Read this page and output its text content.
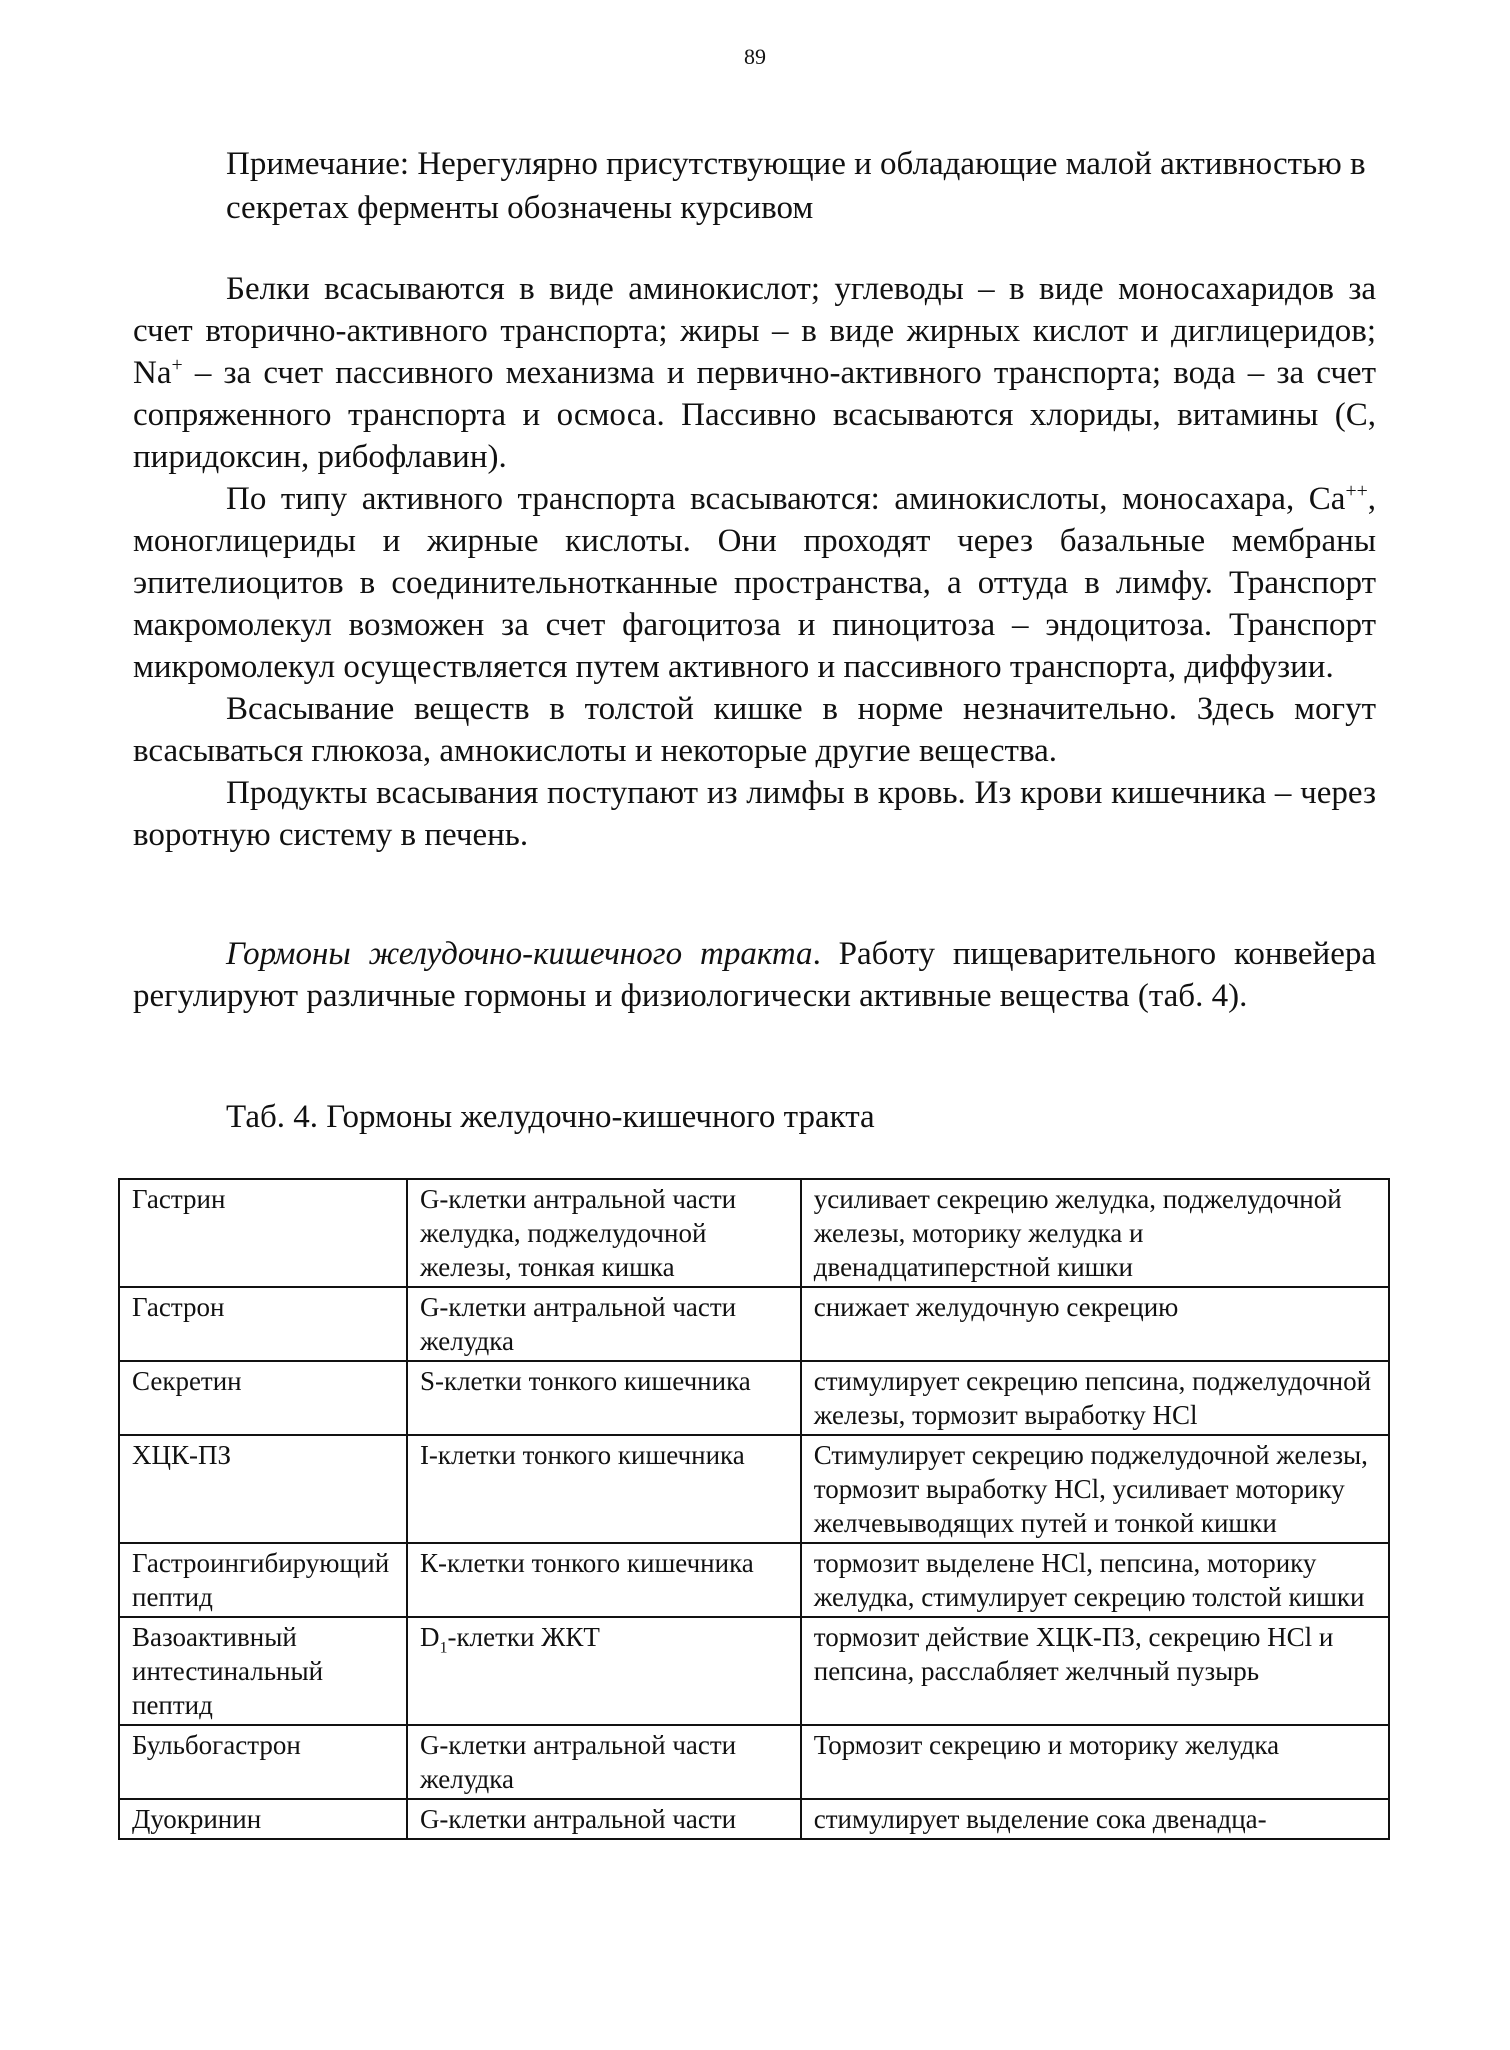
89

Примечание: Нерегулярно присутствующие и обладающие малой активностью в секретах ферменты обозначены курсивом

Белки всасываются в виде аминокислот; углеводы – в виде моносахаридов за счет вторично-активного транспорта; жиры – в виде жирных кислот и диглицеридов; Na+ – за счет пассивного механизма и первично-активного транспорта; вода – за счет сопряженного транспорта и осмоса. Пассивно всасываются хлориды, витамины (С, пиридоксин, рибофлавин).

По типу активного транспорта всасываются: аминокислоты, моносахара, Са++, моноглицериды и жирные кислоты. Они проходят через базальные мембраны эпителиоцитов в соединительнотканные пространства, а оттуда в лимфу. Транспорт макромолекул возможен за счет фагоцитоза и пиноцитоза – эндоцитоза. Транспорт микромолекул осуществляется путем активного и пассивного транспорта, диффузии.

Всасывание веществ в толстой кишке в норме незначительно. Здесь могут всасываться глюкоза, амнокислоты и некоторые другие вещества.

Продукты всасывания поступают из лимфы в кровь. Из крови кишечника – через воротную систему в печень.

Гормоны желудочно-кишечного тракта. Работу пищеварительного конвейера регулируют различные гормоны и физиологически активные вещества (таб. 4).

Таб. 4. Гормоны желудочно-кишечного тракта

Гастрин	G-клетки антральной части желудка, поджелудочной железы, тонкая кишка	усиливает секрецию желудка, поджелудочной железы, моторику желудка и двенадцатиперстной кишки
Гастрон	G-клетки антральной части желудка	снижает желудочную секрецию
Секретин	S-клетки тонкого кишечника	стимулирует секрецию пепсина, поджелудочной железы, тормозит выработку HCl
ХЦК-ПЗ	I-клетки тонкого кишечника	Стимулирует секрецию поджелудочной железы, тормозит выработку HCl, усиливает моторику желчевыводящих путей и тонкой кишки
Гастроингибирующий пептид	К-клетки тонкого кишечника	тормозит выделене HCl, пепсина, моторику желудка, стимулирует секрецию толстой кишки
Вазоактивный интестинальный пептид	$D_1$-клетки ЖКТ	тормозит действие ХЦК-ПЗ, секрецию HCl и пепсина, расслабляет желчный пузырь
Бульбогастрон	G-клетки антральной части желудка	Тормозит секрецию и моторику желудка
Дуокринин	G-клетки антральной части	стимулирует выделение сока двенадца-
